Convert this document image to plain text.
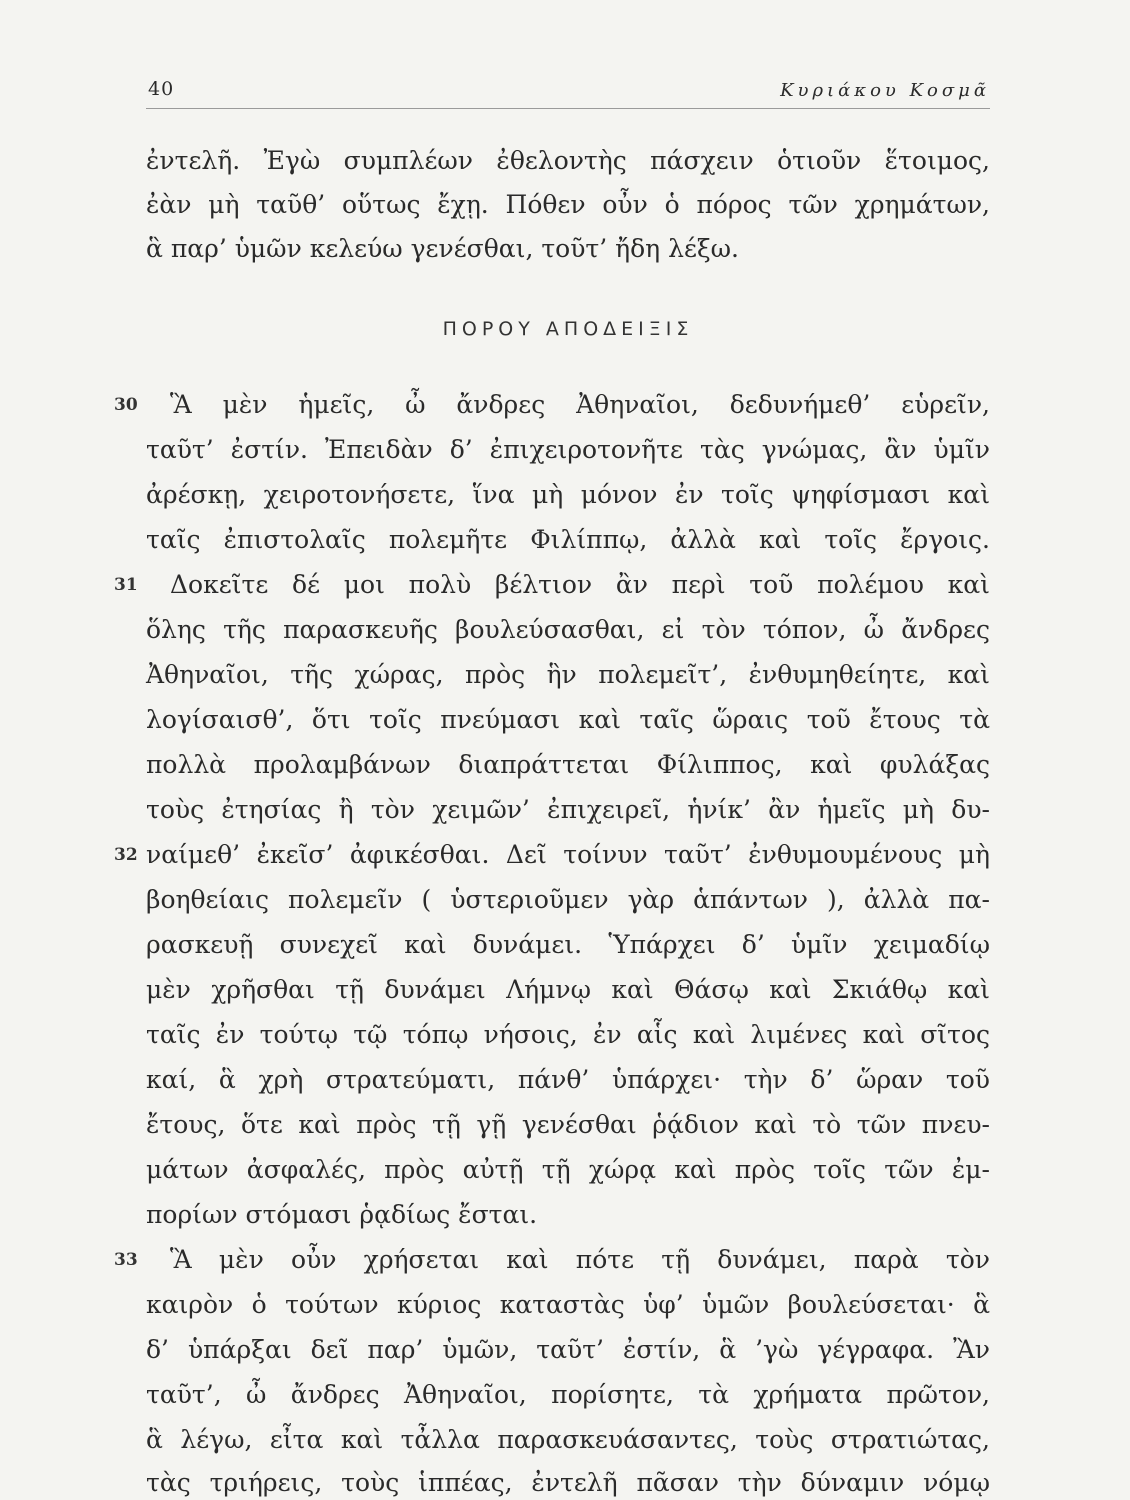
40	Κυριάκου Κοσμᾶ
ἐντελῆ. Ἐγὼ συμπλέων ἐθελοντὴς πάσχειν ὁτιοῦν ἕτοιμος,
ἐὰν μὴ ταῦθ’ οὕτως ἔχῃ. Πόθεν οὖν ὁ πόρος τῶν χρημάτων,
ἃ παρ’ ὑμῶν κελεύω γενέσθαι, τοῦτ’ ἤδη λέξω.
ΠΟΡΟΥ ΑΠΟΔΕΙΞΙΣ
30 Ἃ μὲν ἡμεῖς, ὦ ἄνδρες Ἀθηναῖοι, δεδυνήμεθ’ εὑρεῖν,
ταῦτ’ ἐστίν. Ἐπειδὰν δ’ ἐπιχειροτονῆτε τὰς γνώμας, ἂν ὑμῖν
ἀρέσκῃ, χειροτονήσετε, ἵνα μὴ μόνον ἐν τοῖς ψηφίσμασι καὶ
ταῖς ἐπιστολαῖς πολεμῆτε Φιλίππῳ, ἀλλὰ καὶ τοῖς ἔργοις.
31 Δοκεῖτε δέ μοι πολὺ βέλτιον ἂν περὶ τοῦ πολέμου καὶ
ὅλης τῆς παρασκευῆς βουλεύσασθαι, εἰ τὸν τόπον, ὦ ἄνδρες
Ἀθηναῖοι, τῆς χώρας, πρὸς ἣν πολεμεῖτ’, ἐνθυμηθείητε, καὶ
λογίσαισθ’, ὅτι τοῖς πνεύμασι καὶ ταῖς ὥραις τοῦ ἔτους τὰ
πολλὰ προλαμβάνων διαπράττεται Φίλιππος, καὶ φυλάξας
τοὺς ἐτησίας ἢ τὸν χειμῶν’ ἐπιχειρεῖ, ἡνίκ’ ἂν ἡμεῖς μὴ δυ-
32 ναίμεθ’ ἐκεῖσ’ ἀφικέσθαι. Δεῖ τοίνυν ταῦτ’ ἐνθυμουμένους μὴ
βοηθείαις πολεμεῖν ( ὑστεριοῦμεν γὰρ ἁπάντων ), ἀλλὰ πα-
ρασκευῇ συνεχεῖ καὶ δυνάμει. Ὑπάρχει δ’ ὑμῖν χειμαδίῳ
μὲν χρῆσθαι τῇ δυνάμει Λήμνῳ καὶ Θάσῳ καὶ Σκιάθῳ καὶ
ταῖς ἐν τούτῳ τῷ τόπῳ νήσοις, ἐν αἷς καὶ λιμένες καὶ σῖτος
καί, ἃ χρὴ στρατεύματι, πάνθ’ ὑπάρχει· τὴν δ’ ὥραν τοῦ
ἔτους, ὅτε καὶ πρὸς τῇ γῇ γενέσθαι ῥᾴδιον καὶ τὸ τῶν πνευ-
μάτων ἀσφαλές, πρὸς αὐτῇ τῇ χώρᾳ καὶ πρὸς τοῖς τῶν ἐμ-
πορίων στόμασι ῥᾳδίως ἔσται.
33 Ἃ μὲν οὖν χρήσεται καὶ πότε τῇ δυνάμει, παρὰ τὸν
καιρὸν ὁ τούτων κύριος καταστὰς ὑφ’ ὑμῶν βουλεύσεται· ἃ
δ’ ὑπάρξαι δεῖ παρ’ ὑμῶν, ταῦτ’ ἐστίν, ἃ ’γὼ γέγραφα. Ἂν
ταῦτ’, ὦ ἄνδρες Ἀθηναῖοι, πορίσητε, τὰ χρήματα πρῶτον,
ἃ λέγω, εἶτα καὶ τἆλλα παρασκευάσαντες, τοὺς στρατιώτας,
τὰς τριήρεις, τοὺς ἱππέας, ἐντελῆ πᾶσαν τὴν δύναμιν νόμῳ
